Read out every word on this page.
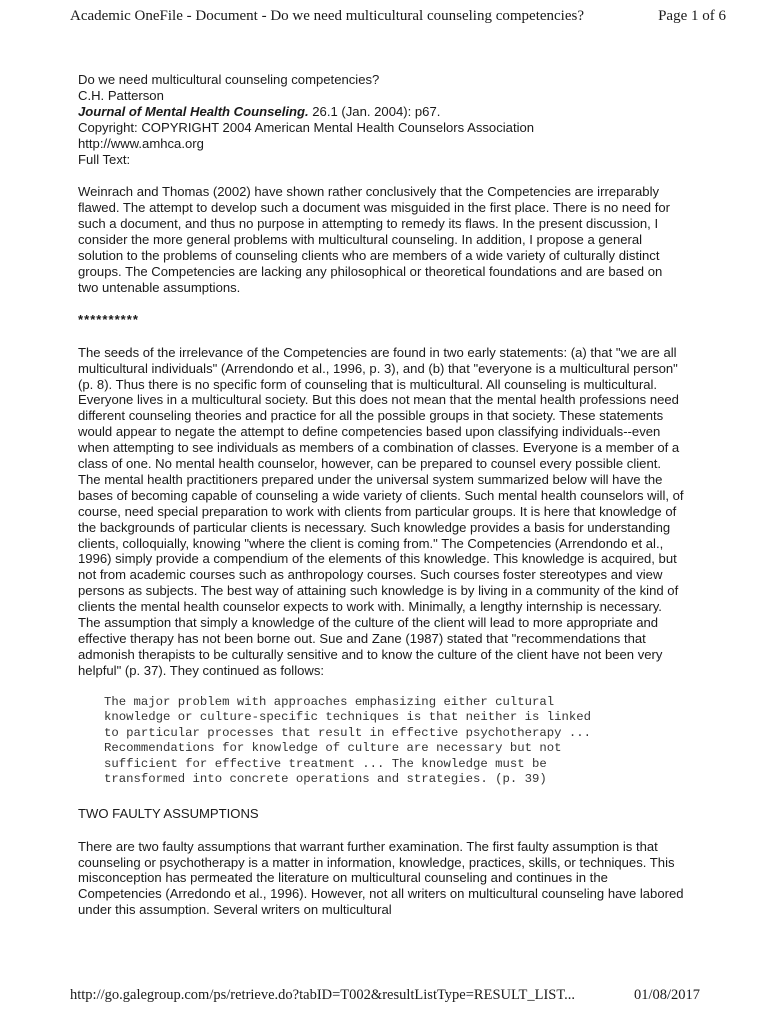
Academic OneFile - Document - Do we need multicultural counseling competencies?	Page 1 of 6
Do we need multicultural counseling competencies?
C.H. Patterson
Journal of Mental Health Counseling. 26.1 (Jan. 2004): p67.
Copyright: COPYRIGHT 2004 American Mental Health Counselors Association
http://www.amhca.org
Full Text:

Weinrach and Thomas (2002) have shown rather conclusively that the Competencies are irreparably flawed. The attempt to develop such a document was misguided in the first place. There is no need for such a document, and thus no purpose in attempting to remedy its flaws. In the present discussion, I consider the more general problems with multicultural counseling. In addition, I propose a general solution to the problems of counseling clients who are members of a wide variety of culturally distinct groups. The Competencies are lacking any philosophical or theoretical foundations and are based on two untenable assumptions.

**********

The seeds of the irrelevance of the Competencies are found in two early statements: (a) that "we are all multicultural individuals" (Arrendondo et al., 1996, p. 3), and (b) that "everyone is a multicultural person" (p. 8). Thus there is no specific form of counseling that is multicultural. All counseling is multicultural. Everyone lives in a multicultural society. But this does not mean that the mental health professions need different counseling theories and practice for all the possible groups in that society. These statements would appear to negate the attempt to define competencies based upon classifying individuals--even when attempting to see individuals as members of a combination of classes. Everyone is a member of a class of one. No mental health counselor, however, can be prepared to counsel every possible client. The mental health practitioners prepared under the universal system summarized below will have the bases of becoming capable of counseling a wide variety of clients. Such mental health counselors will, of course, need special preparation to work with clients from particular groups. It is here that knowledge of the backgrounds of particular clients is necessary. Such knowledge provides a basis for understanding clients, colloquially, knowing "where the client is coming from." The Competencies (Arrendondo et al., 1996) simply provide a compendium of the elements of this knowledge. This knowledge is acquired, but not from academic courses such as anthropology courses. Such courses foster stereotypes and view persons as subjects. The best way of attaining such knowledge is by living in a community of the kind of clients the mental health counselor expects to work with. Minimally, a lengthy internship is necessary. The assumption that simply a knowledge of the culture of the client will lead to more appropriate and effective therapy has not been borne out. Sue and Zane (1987) stated that "recommendations that admonish therapists to be culturally sensitive and to know the culture of the client have not been very helpful" (p. 37). They continued as follows:

The major problem with approaches emphasizing either cultural
knowledge or culture-specific techniques is that neither is linked
to particular processes that result in effective psychotherapy ...
Recommendations for knowledge of culture are necessary but not
sufficient for effective treatment ... The knowledge must be
transformed into concrete operations and strategies. (p. 39)
TWO FAULTY ASSUMPTIONS

There are two faulty assumptions that warrant further examination. The first faulty assumption is that counseling or psychotherapy is a matter in information, knowledge, practices, skills, or techniques. This misconception has permeated the literature on multicultural counseling and continues in the Competencies (Arredondo et al., 1996). However, not all writers on multicultural counseling have labored under this assumption. Several writers on multicultural

http://go.galegroup.com/ps/retrieve.do?tabID=T002&resultListType=RESULT_LIST...	01/08/2017
